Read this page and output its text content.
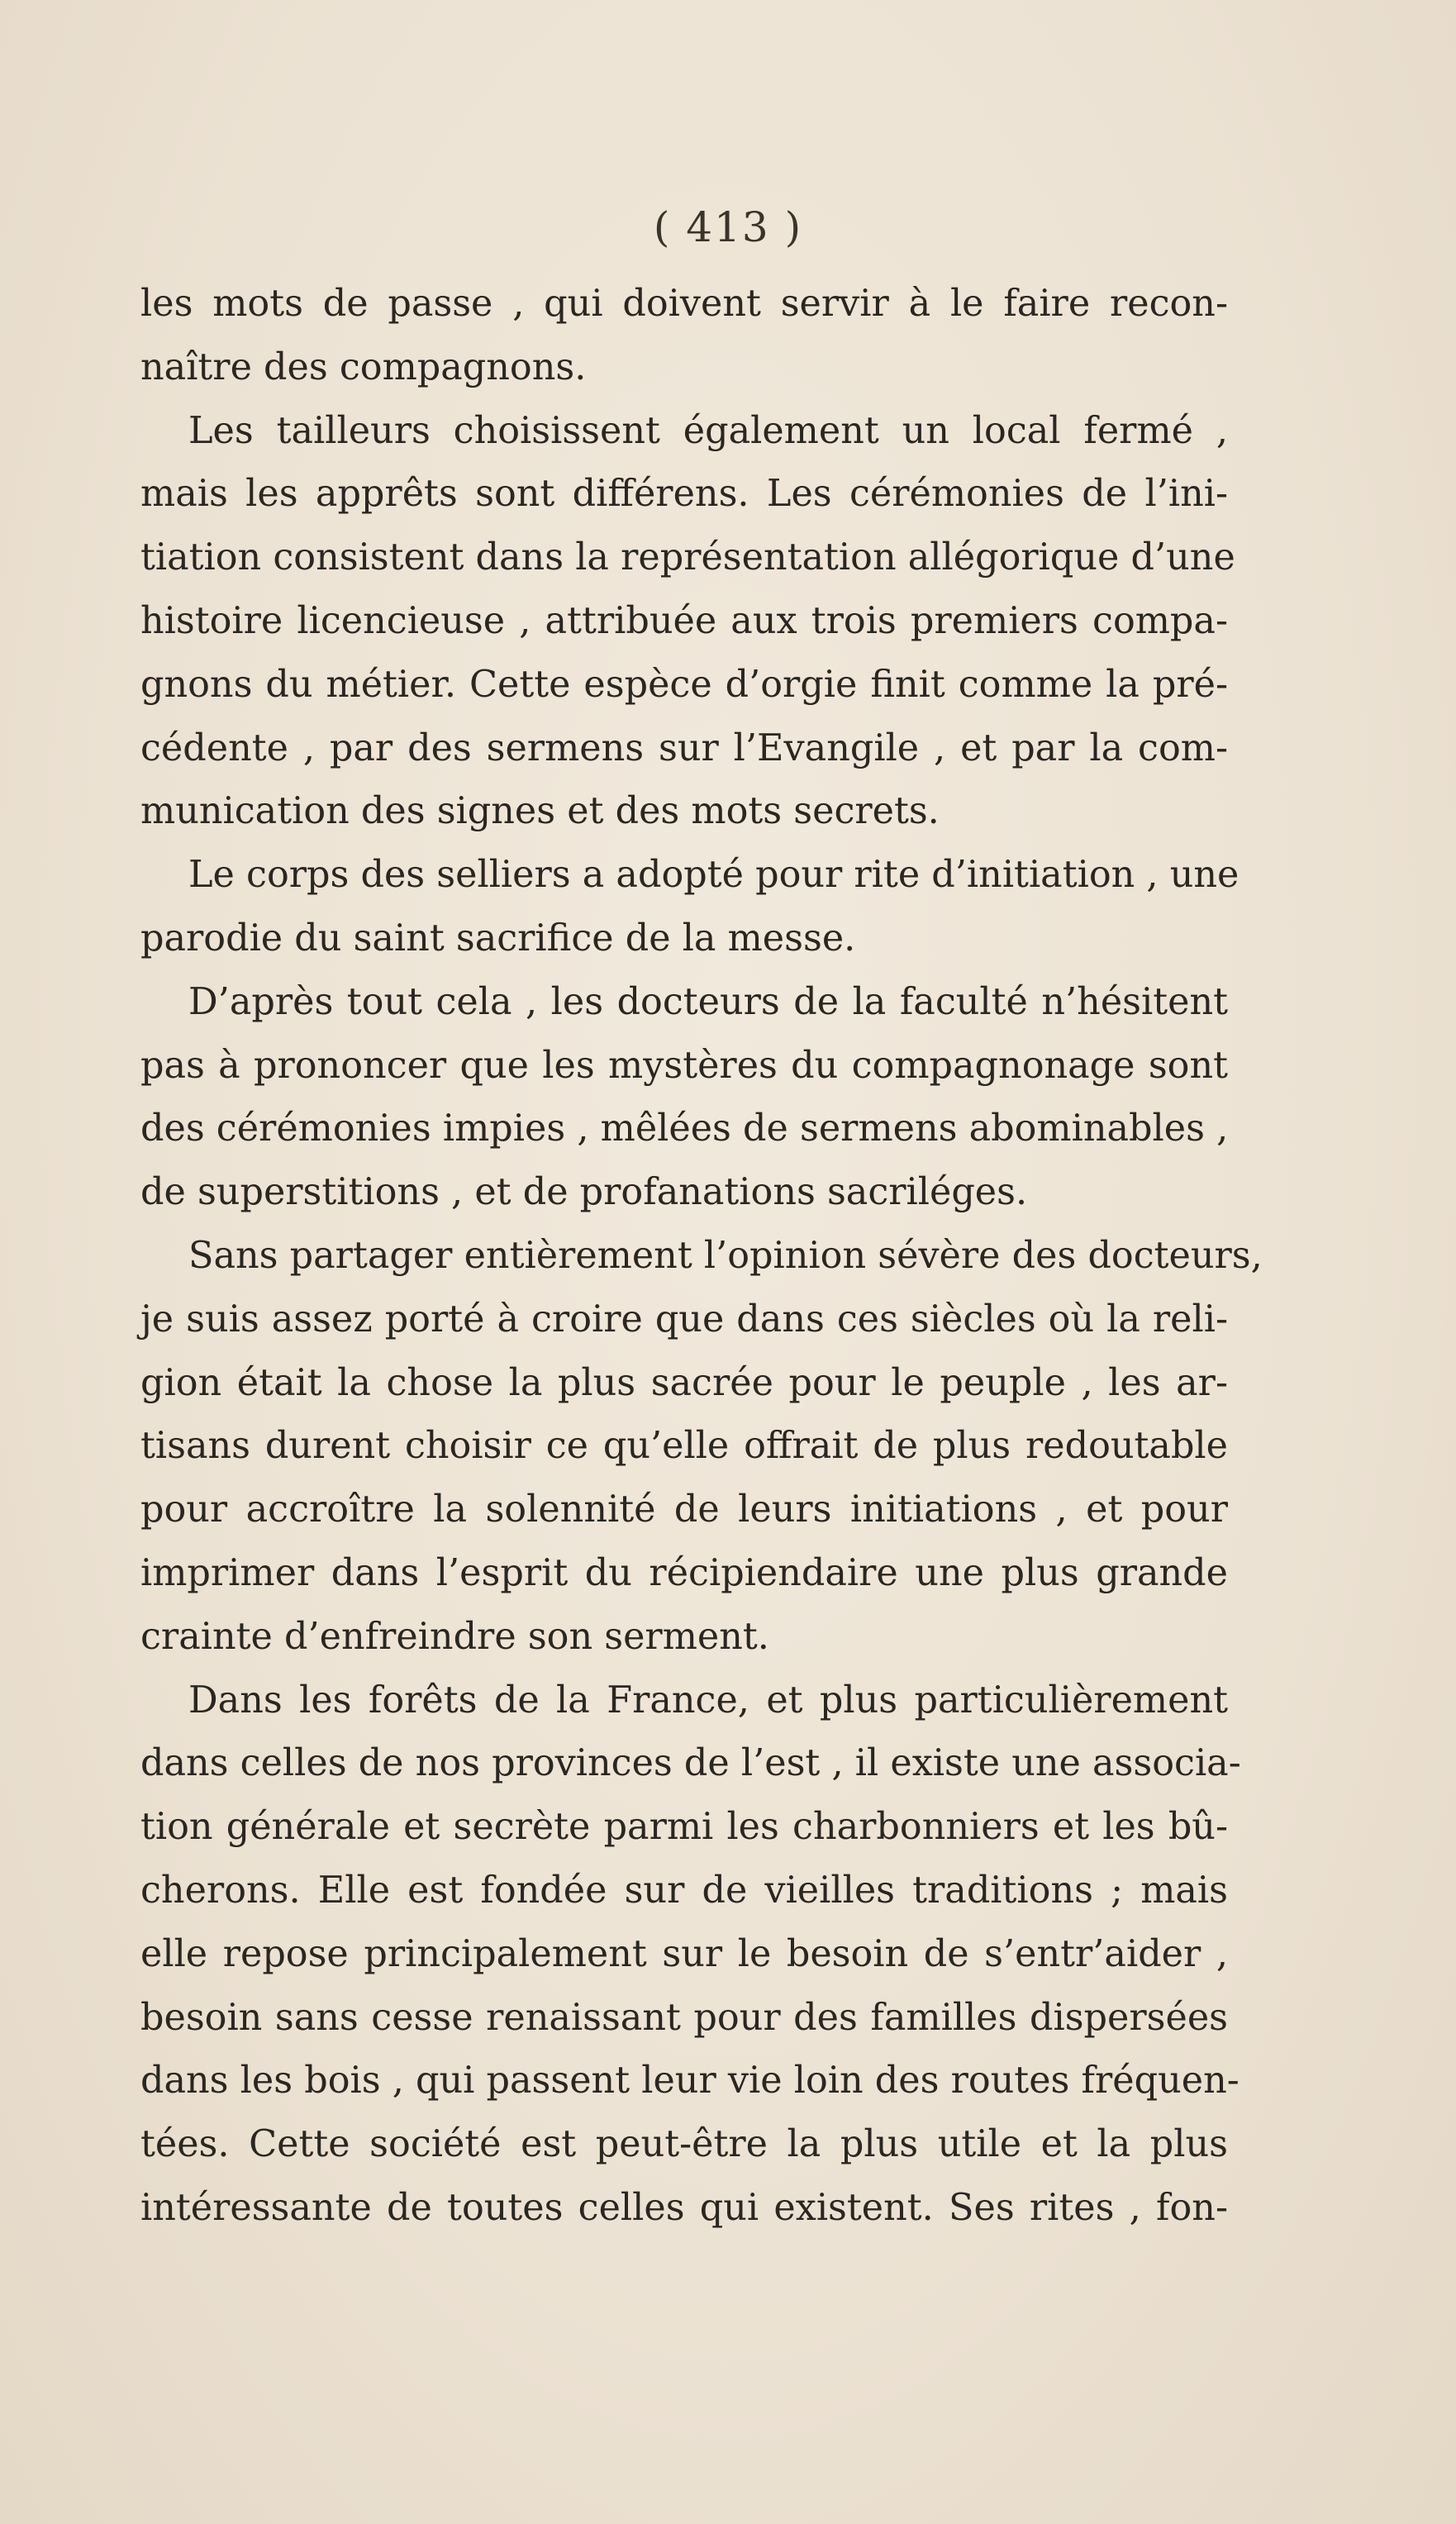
( 413 )
les mots de passe , qui doivent servir à le faire recon-
naître des compagnons.
Les tailleurs choisissent également un local fermé ,
mais les apprêts sont différens. Les cérémonies de l’ini-
tiation consistent dans la représentation allégorique d’une
histoire licencieuse , attribuée aux trois premiers compa-
gnons du métier. Cette espèce d’orgie finit comme la pré-
cédente , par des sermens sur l’Evangile , et par la com-
munication des signes et des mots secrets.
Le corps des selliers a adopté pour rite d’initiation , une
parodie du saint sacrifice de la messe.
D’après tout cela , les docteurs de la faculté n’hésitent
pas à prononcer que les mystères du compagnonage sont
des cérémonies impies , mêlées de sermens abominables ,
de superstitions , et de profanations sacriléges.
Sans partager entièrement l’opinion sévère des docteurs,
je suis assez porté à croire que dans ces siècles où la reli-
gion était la chose la plus sacrée pour le peuple , les ar-
tisans durent choisir ce qu’elle offrait de plus redoutable
pour accroître la solennité de leurs initiations , et pour
imprimer dans l’esprit du récipiendaire une plus grande
crainte d’enfreindre son serment.
Dans les forêts de la France, et plus particulièrement
dans celles de nos provinces de l’est , il existe une associa-
tion générale et secrète parmi les charbonniers et les bû-
cherons. Elle est fondée sur de vieilles traditions ; mais
elle repose principalement sur le besoin de s’entr’aider ,
besoin sans cesse renaissant pour des familles dispersées
dans les bois , qui passent leur vie loin des routes fréquen-
tées. Cette société est peut-être la plus utile et la plus
intéressante de toutes celles qui existent. Ses rites , fon-
